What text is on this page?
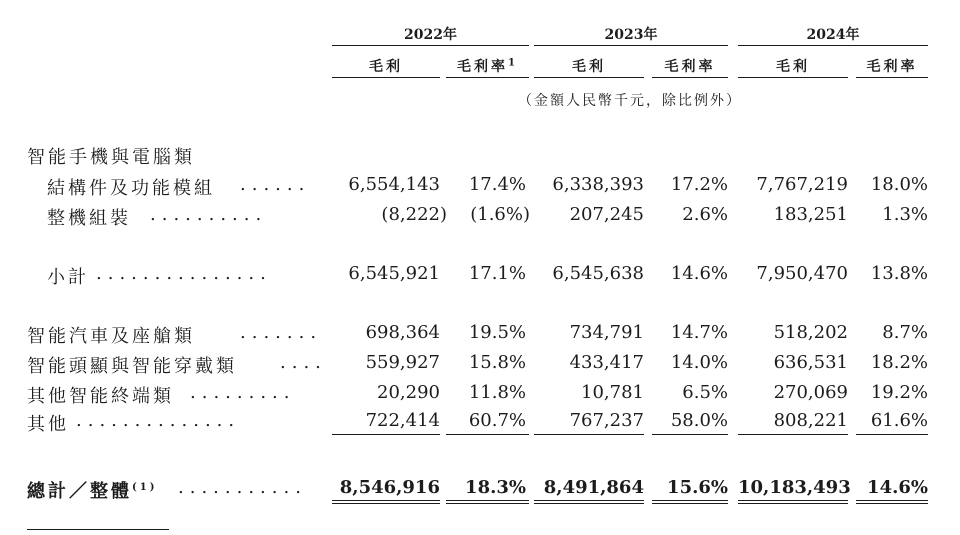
2022年	2023年	2024年
毛利	毛利率$^1$	毛利	毛利率	毛利	毛利率
（金額人民幣千元，除比例外）
智能手機與電腦類
結構件及功能模組 ......	6,554,143	17.4%	6,338,393	17.2%	7,767,219	18.0%
整機組裝 ..........	(8,222)	(1.6%)	207,245	2.6%	183,251	1.3%
小計 ...............	6,545,921	17.1%	6,545,638	14.6%	7,950,470	13.8%
智能汽車及座艙類	.......	698,364	19.5%	734,791	14.7%	518,202	8.7%
智能頭顯與智能穿戴類 ....	559,927	15.8%	433,417	14.0%	636,531	18.2%
其他智能終端類 .........	20,290	11.8%	10,781	6.5%	270,069	19.2%
其他 ..............	722,414	60.7%	767,237	58.0%	808,221	61.6%
總計／整體$^{(1)}$ ...........	8,546,916	18.3% 8,491,864	15.6% 10,183,493 14.6%
